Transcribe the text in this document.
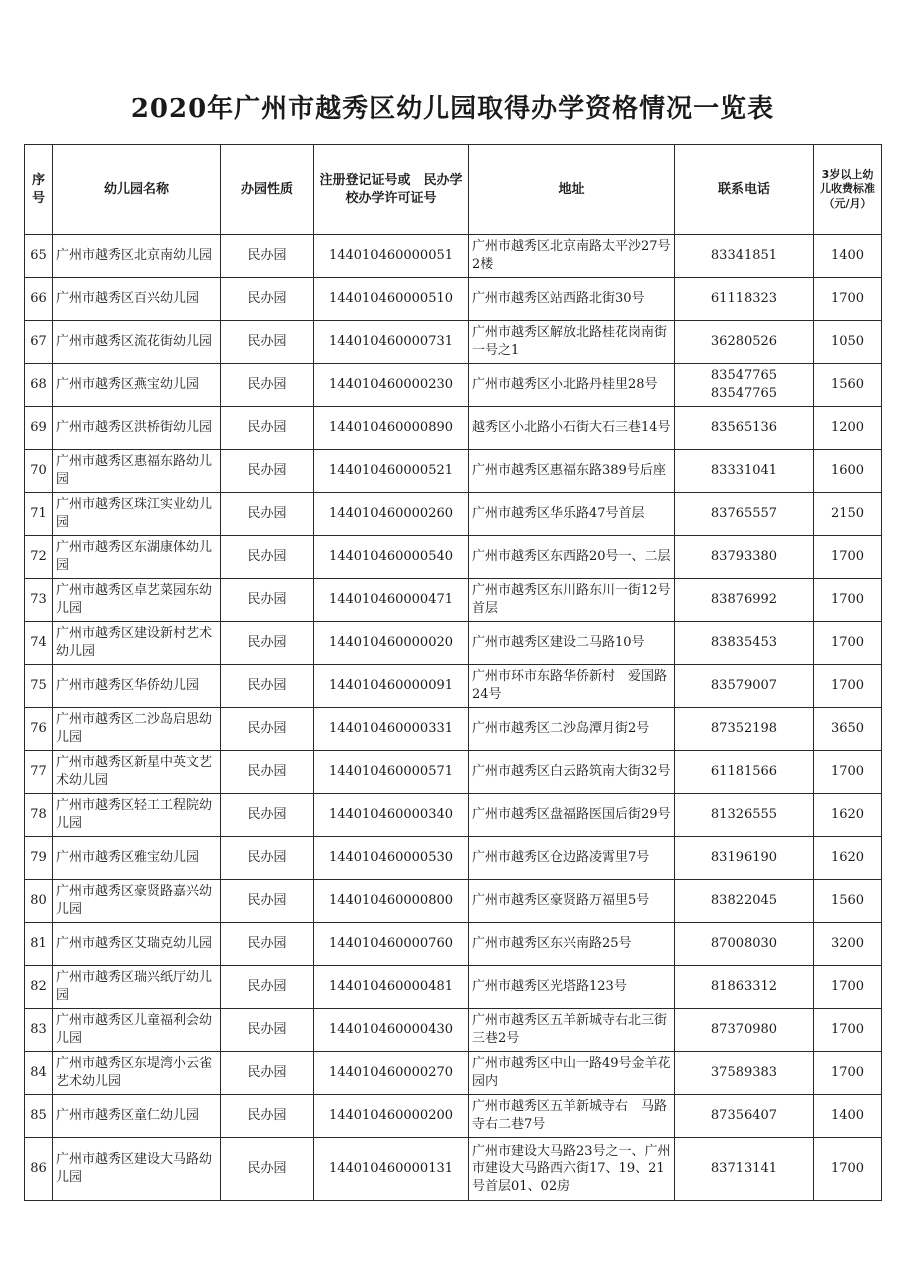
2020年广州市越秀区幼儿园取得办学资格情况一览表
序号	幼儿园名称	办园性质	注册登记证号或　民办学校办学许可证号	地址	联系电话	3岁以上幼儿收费标准（元/月）
65	广州市越秀区北京南幼儿园	民办园	144010460000051	广州市越秀区北京南路太平沙27号2楼	83341851	1400
66	广州市越秀区百兴幼儿园	民办园	144010460000510	广州市越秀区站西路北街30号	61118323	1700
67	广州市越秀区流花街幼儿园	民办园	144010460000731	广州市越秀区解放北路桂花岗南街一号之1	36280526	1050
68	广州市越秀区燕宝幼儿园	民办园	144010460000230	广州市越秀区小北路丹桂里28号	83547765　83547765	1560
69	广州市越秀区洪桥街幼儿园	民办园	144010460000890	越秀区小北路小石街大石三巷14号	83565136	1200
70	广州市越秀区惠福东路幼儿园	民办园	144010460000521	广州市越秀区惠福东路389号后座	83331041	1600
71	广州市越秀区珠江实业幼儿园	民办园	144010460000260	广州市越秀区华乐路47号首层	83765557	2150
72	广州市越秀区东湖康体幼儿园	民办园	144010460000540	广州市越秀区东西路20号一、二层	83793380	1700
73	广州市越秀区卓艺菜园东幼儿园	民办园	144010460000471	广州市越秀区东川路东川一街12号首层	83876992	1700
74	广州市越秀区建设新村艺术幼儿园	民办园	144010460000020	广州市越秀区建设二马路10号	83835453	1700
75	广州市越秀区华侨幼儿园	民办园	144010460000091	广州市环市东路华侨新村　爱国路24号	83579007	1700
76	广州市越秀区二沙岛启思幼儿园	民办园	144010460000331	广州市越秀区二沙岛潭月街2号	87352198	3650
77	广州市越秀区新星中英文艺术幼儿园	民办园	144010460000571	广州市越秀区白云路筑南大街32号	61181566	1700
78	广州市越秀区轻工工程院幼儿园	民办园	144010460000340	广州市越秀区盘福路医国后街29号	81326555	1620
79	广州市越秀区雅宝幼儿园	民办园	144010460000530	广州市越秀区仓边路凌霄里7号	83196190	1620
80	广州市越秀区豪贤路嘉兴幼儿园	民办园	144010460000800	广州市越秀区豪贤路万福里5号	83822045	1560
81	广州市越秀区艾瑞克幼儿园	民办园	144010460000760	广州市越秀区东兴南路25号	87008030	3200
82	广州市越秀区瑞兴纸厅幼儿园	民办园	144010460000481	广州市越秀区光塔路123号	81863312	1700
83	广州市越秀区儿童福利会幼儿园	民办园	144010460000430	广州市越秀区五羊新城寺右北三街三巷2号	87370980	1700
84	广州市越秀区东堤湾小云雀艺术幼儿园	民办园	144010460000270	广州市越秀区中山一路49号金羊花园内	37589383	1700
85	广州市越秀区童仁幼儿园	民办园	144010460000200	广州市越秀区五羊新城寺右　马路寺右二巷7号	87356407	1400
86	广州市越秀区建设大马路幼儿园	民办园	144010460000131	广州市建设大马路23号之一、广州市建设大马路西六街17、19、21号首层01、02房	83713141	1700
